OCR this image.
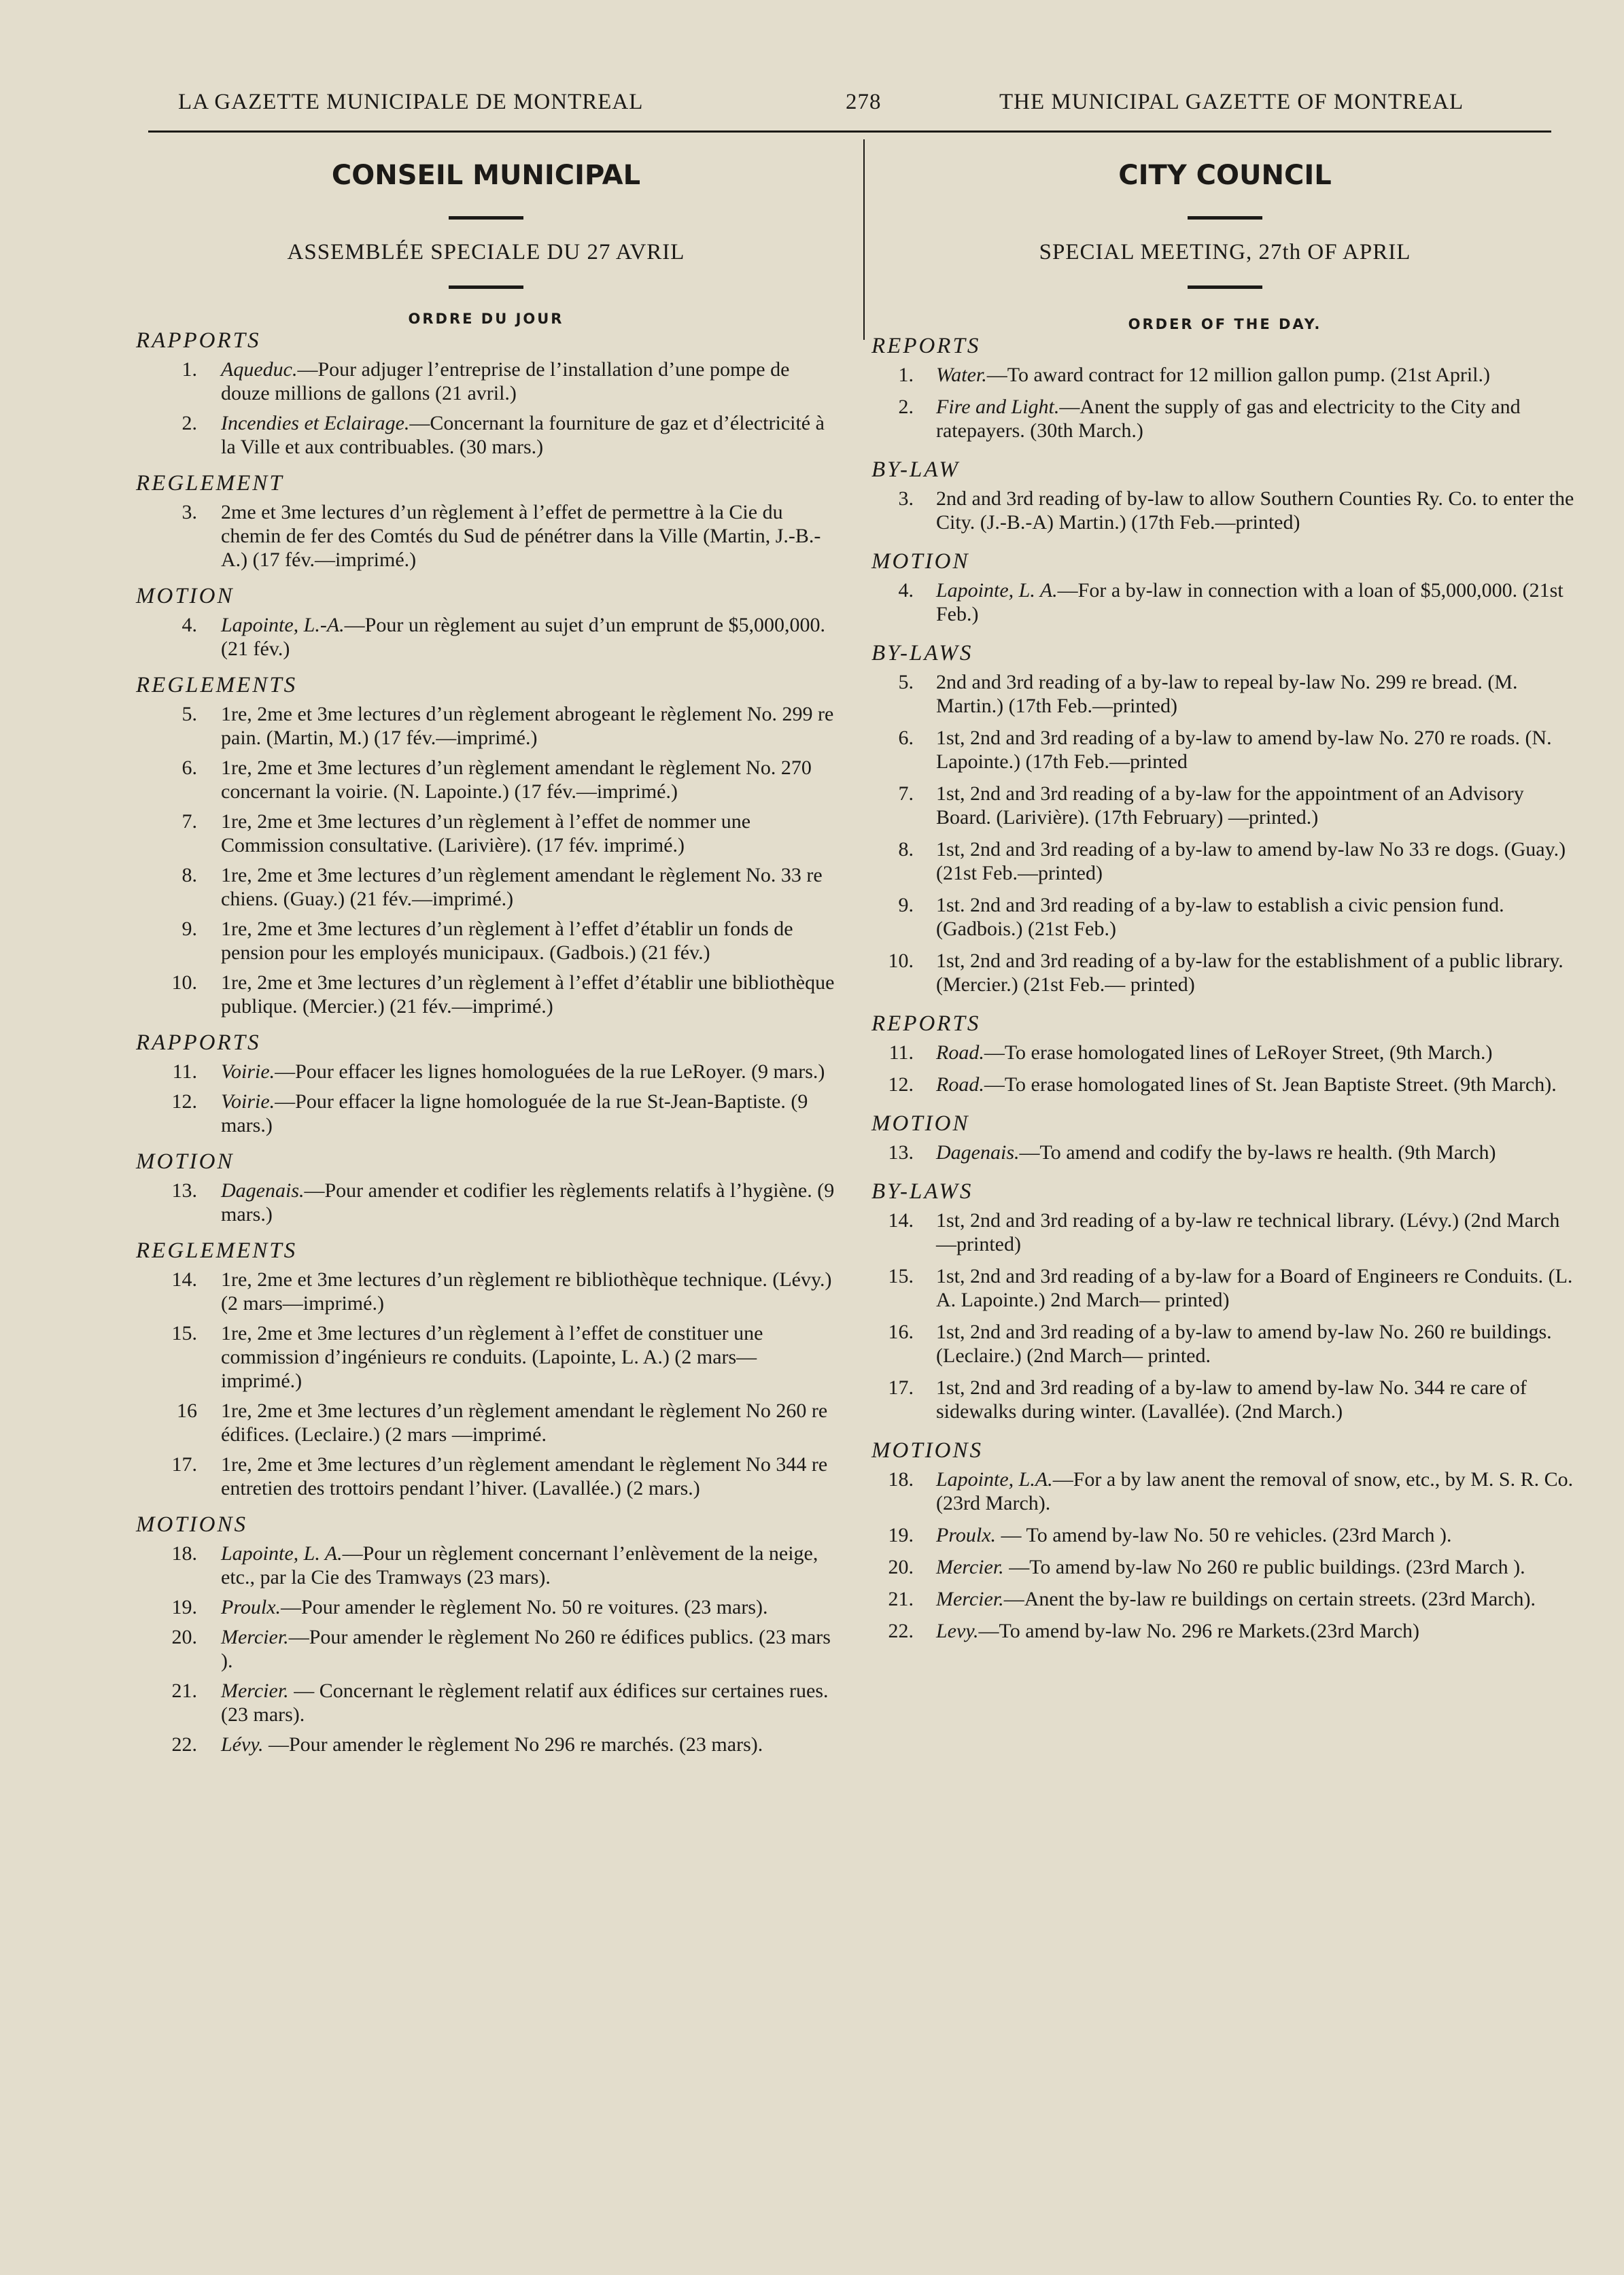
LA GAZETTE MUNICIPALE DE MONTREAL	278	THE MUNICIPAL GAZETTE OF MONTREAL
CONSEIL MUNICIPAL
ASSEMBLÉE SPECIALE DU 27 AVRIL
ORDRE DU JOUR
RAPPORTS
1. Aqueduc.—Pour adjuger l’entreprise de l’installation d’une pompe de douze millions de gallons (21 avril.)
2. Incendies et Eclairage.—Concernant la fourniture de gaz et d’électricité à la Ville et aux contribuables. (30 mars.)
REGLEMENT
3. 2me et 3me lectures d’un règlement à l’effet de permettre à la Cie du chemin de fer des Comtés du Sud de pénétrer dans la Ville (Martin, J.-B.-A.) (17 fév.—imprimé.)
MOTION
4. Lapointe, L.-A.—Pour un règlement au sujet d’un emprunt de $5,000,000. (21 fév.)
REGLEMENTS
5. 1re, 2me et 3me lectures d’un règlement abrogeant le règlement No. 299 re pain. (Martin, M.) (17 fév.—imprimé.)
6. 1re, 2me et 3me lectures d’un règlement amendant le règlement No. 270 concernant la voirie. (N. Lapointe.) (17 fév.—imprimé.)
7. 1re, 2me et 3me lectures d’un règlement à l’effet de nommer une Commission consultative. (Larivière). (17 fév. imprimé.)
8. 1re, 2me et 3me lectures d’un règlement amendant le règlement No. 33 re chiens. (Guay.) (21 fév.—imprimé.)
9. 1re, 2me et 3me lectures d’un règlement à l’effet d’établir un fonds de pension pour les employés municipaux. (Gadbois.) (21 fév.)
10. 1re, 2me et 3me lectures d’un règlement à l’effet d’établir une bibliothèque publique. (Mercier.) (21 fév.—imprimé.)
RAPPORTS
11. Voirie.—Pour effacer les lignes homologuées de la rue LeRoyer. (9 mars.)
12. Voirie.—Pour effacer la ligne homologuée de la rue St-Jean-Baptiste. (9 mars.)
MOTION
13. Dagenais.—Pour amender et codifier les règlements relatifs à l’hygiène. (9 mars.)
REGLEMENTS
14. 1re, 2me et 3me lectures d’un règlement re bibliothèque technique. (Lévy.) (2 mars—imprimé.)
15. 1re, 2me et 3me lectures d’un règlement à l’effet de constituer une commission d’ingénieurs re conduits. (Lapointe, L. A.) (2 mars—imprimé.)
16 1re, 2me et 3me lectures d’un règlement amendant le règlement No 260 re édifices. (Leclaire.) (2 mars —imprimé.
17. 1re, 2me et 3me lectures d’un règlement amendant le règlement No 344 re entretien des trottoirs pendant l’hiver. (Lavallée.) (2 mars.)
MOTIONS
18. Lapointe, L. A.—Pour un règlement concernant l’enlèvement de la neige, etc., par la Cie des Tramways (23 mars).
19. Proulx.—Pour amender le règlement No. 50 re voitures. (23 mars).
20. Mercier.—Pour amender le règlement No 260 re édifices publics. (23 mars ).
21. Mercier. — Concernant le règlement relatif aux édifices sur certaines rues. (23 mars).
22. Lévy. —Pour amender le règlement No 296 re marchés. (23 mars).
CITY COUNCIL
SPECIAL MEETING, 27th OF APRIL
ORDER OF THE DAY.
REPORTS
1. Water.—To award contract for 12 million gallon pump. (21st April.)
2. Fire and Light.—Anent the supply of gas and electricity to the City and ratepayers. (30th March.)
BY-LAW
3. 2nd and 3rd reading of by-law to allow Southern Counties Ry. Co. to enter the City. (J.-B.-A) Martin.) (17th Feb.—printed)
MOTION
4. Lapointe, L. A.—For a by-law in connection with a loan of $5,000,000. (21st Feb.)
BY-LAWS
5. 2nd and 3rd reading of a by-law to repeal by-law No. 299 re bread. (M. Martin.) (17th Feb.—printed)
6. 1st, 2nd and 3rd reading of a by-law to amend by-law No. 270 re roads. (N. Lapointe.) (17th Feb.—printed
7. 1st, 2nd and 3rd reading of a by-law for the appointment of an Advisory Board. (Larivière). (17th February) —printed.)
8. 1st, 2nd and 3rd reading of a by-law to amend by-law No 33 re dogs. (Guay.) (21st Feb.—printed)
9. 1st. 2nd and 3rd reading of a by-law to establish a civic pension fund. (Gadbois.) (21st Feb.)
10. 1st, 2nd and 3rd reading of a by-law for the establishment of a public library. (Mercier.) (21st Feb.— printed)
REPORTS
11. Road.—To erase homologated lines of LeRoyer Street, (9th March.)
12. Road.—To erase homologated lines of St. Jean Baptiste Street. (9th March).
MOTION
13. Dagenais.—To amend and codify the by-laws re health. (9th March)
BY-LAWS
14. 1st, 2nd and 3rd reading of a by-law re technical library. (Lévy.) (2nd March—printed)
15. 1st, 2nd and 3rd reading of a by-law for a Board of Engineers re Conduits. (L. A. Lapointe.) 2nd March— printed)
16. 1st, 2nd and 3rd reading of a by-law to amend by-law No. 260 re buildings. (Leclaire.) (2nd March— printed.
17. 1st, 2nd and 3rd reading of a by-law to amend by-law No. 344 re care of sidewalks during winter. (Lavallée). (2nd March.)
MOTIONS
18. Lapointe, L.A.—For a by law anent the removal of snow, etc., by M. S. R. Co. (23rd March).
19. Proulx. — To amend by-law No. 50 re vehicles. (23rd March ).
20. Mercier. —To amend by-law No 260 re public buildings. (23rd March ).
21. Mercier.—Anent the by-law re buildings on certain streets. (23rd March).
22. Levy.—To amend by-law No. 296 re Markets.(23rd March)
